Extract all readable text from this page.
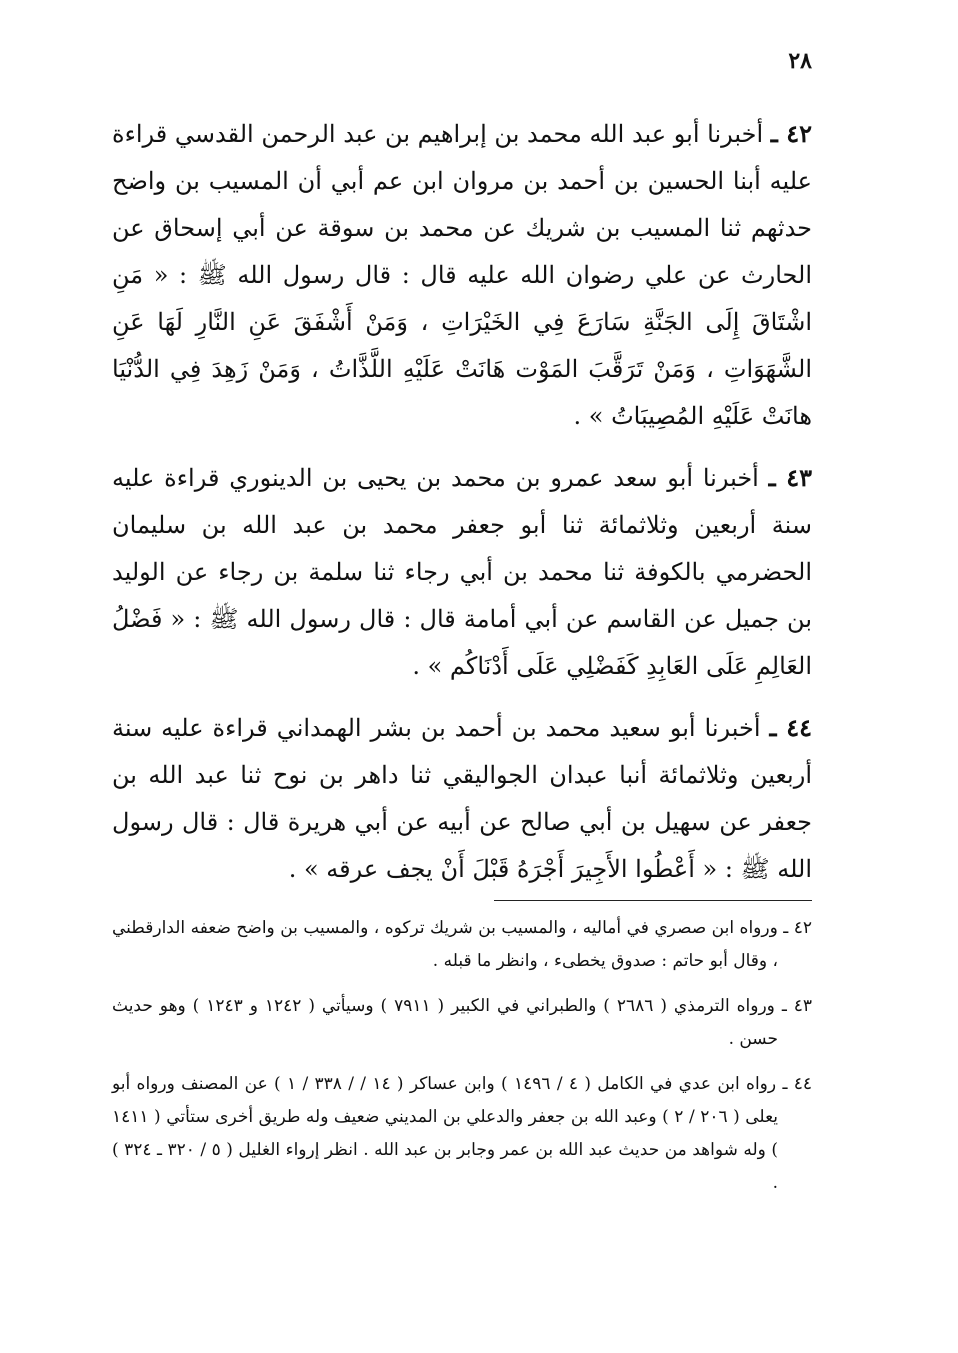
٢٨

٤٢ ـ أخبرنا أبو عبد الله محمد بن إبراهيم بن عبد الرحمن القدسي قراءة عليه أبنا الحسين بن أحمد بن مروان ابن عم أبي أن المسيب بن واضح حدثهم ثنا المسيب بن شريك عن محمد بن سوقة عن أبي إسحاق عن الحارث عن علي رضوان الله عليه قال : قال رسول الله ﷺ : « مَنِ اشْتَاقَ إِلَى الجَنَّةِ سَارَعَ فِي الخَيْرَاتِ ، وَمَنْ أَشْفَقَ عَنِ النَّارِ لَهَا عَنِ الشَّهَوَاتِ ، وَمَنْ تَرَقَّبَ المَوْت هَانَتْ عَلَيْهِ اللَّذَّاتُ ، وَمَنْ زَهِدَ فِي الدُّنْيَا هانَتْ عَلَيْهِ المُصِيبَاتُ » .

٤٣ ـ أخبرنا أبو سعد عمرو بن محمد بن يحيى بن الدينوري قراءة عليه سنة أربعين وثلاثمائة ثنا أبو جعفر محمد بن عبد الله بن سليمان الحضرمي بالكوفة ثنا محمد بن أبي رجاء ثنا سلمة بن رجاء عن الوليد بن جميل عن القاسم عن أبي أمامة قال : قال رسول الله ﷺ : « فَضْلُ العَالِمِ عَلَى العَابِدِ كَفَضْلِي عَلَى أَدْنَاكُم » .

٤٤ ـ أخبرنا أبو سعيد محمد بن أحمد بن بشر الهمداني قراءة عليه سنة أربعين وثلاثمائة أنبا عبدان الجواليقي ثنا داهر بن نوح ثنا عبد الله بن جعفر عن سهيل بن أبي صالح عن أبيه عن أبي هريرة قال : قال رسول الله ﷺ : « أَعْطُوا الأَجِيرَ أَجْرَهُ قَبْلَ أَنْ يجف عرقه » .

٤٢ ـ ورواه ابن صصري في أماليه ، والمسيب بن شريك تركوه ، والمسيب بن واضح ضعفه الدارقطني ، وقال أبو حاتم : صدوق يخطىء ، وانظر ما قبله .

٤٣ ـ ورواه الترمذي ( ٢٦٨٦ ) والطبراني في الكبير ( ٧٩١١ ) وسيأتي ( ١٢٤٢ و ١٢٤٣ ) وهو حديث حسن .

٤٤ ـ رواه ابن عدي في الكامل ( ٤ / ١٤٩٦ ) وابن عساكر ( ١٤ / / ٣٣٨ / ١ ) عن المصنف ورواه أبو يعلى ( ٢٠٦ / ٢ ) وعبد الله بن جعفر والدعلي بن المديني ضعيف وله طريق أخرى ستأتي ( ١٤١١ ) وله شواهد من حديث عبد الله بن عمر وجابر بن عبد الله . انظر إرواء الغليل ( ٥ / ٣٢٠ ـ ٣٢٤ ) .
